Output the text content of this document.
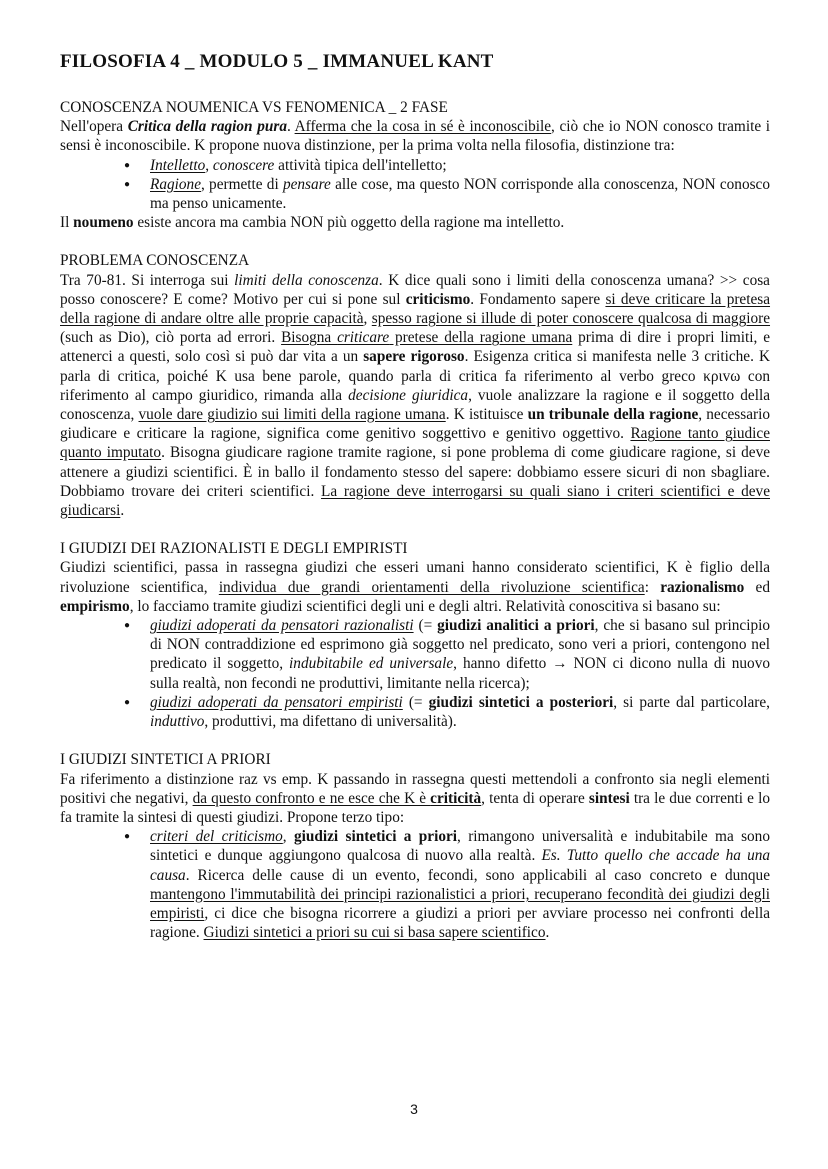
FILOSOFIA 4 _ MODULO 5 _ IMMANUEL KANT
CONOSCENZA NOUMENICA VS FENOMENICA _ 2 FASE

Nell'opera Critica della ragion pura. Afferma che la cosa in sé è inconoscibile, ciò che io NON conosco tramite i sensi è inconoscibile. K propone nuova distinzione, per la prima volta nella filosofia, distinzione tra:

● Intelletto, conoscere attività tipica dell'intelletto;
● Ragione, permette di pensare alle cose, ma questo NON corrisponde alla conoscenza, NON conosco ma penso unicamente.

Il noumeno esiste ancora ma cambia NON più oggetto della ragione ma intelletto.

PROBLEMA CONOSCENZA

Tra 70-81. Si interroga sui limiti della conoscenza. K dice quali sono i limiti della conoscenza umana? >> cosa posso conoscere? E come? Motivo per cui si pone sul criticismo. Fondamento sapere si deve criticare la pretesa della ragione di andare oltre alle proprie capacità, spesso ragione si illude di poter conoscere qualcosa di maggiore (such as Dio), ciò porta ad errori. Bisogna criticare pretese della ragione umana prima di dire i propri limiti, e attenerci a questi, solo così si può dar vita a un sapere rigoroso. Esigenza critica si manifesta nelle 3 critiche. K parla di critica, poiché K usa bene parole, quando parla di critica fa riferimento al verbo greco κριvω con riferimento al campo giuridico, rimanda alla decisione giuridica, vuole analizzare la ragione e il soggetto della conoscenza, vuole dare giudizio sui limiti della ragione umana. K istituisce un tribunale della ragione, necessario giudicare e criticare la ragione, significa come genitivo soggettivo e genitivo oggettivo. Ragione tanto giudice quanto imputato. Bisogna giudicare ragione tramite ragione, si pone problema di come giudicare ragione, si deve attenere a giudizi scientifici. È in ballo il fondamento stesso del sapere: dobbiamo essere sicuri di non sbagliare. Dobbiamo trovare dei criteri scientifici. La ragione deve interrogarsi su quali siano i criteri scientifici e deve giudicarsi.

I GIUDIZI DEI RAZIONALISTI E DEGLI EMPIRISTI

Giudizi scientifici, passa in rassegna giudizi che esseri umani hanno considerato scientifici, K è figlio della rivoluzione scientifica, individua due grandi orientamenti della rivoluzione scientifica: razionalismo ed empirismo, lo facciamo tramite giudizi scientifici degli uni e degli altri. Relatività conoscitiva si basano su:

● giudizi adoperati da pensatori razionalisti (= giudizi analitici a priori, che si basano sul principio di NON contraddizione ed esprimono già soggetto nel predicato, sono veri a priori, contengono nel predicato il soggetto, indubitabile ed universale, hanno difetto → NON ci dicono nulla di nuovo sulla realtà, non fecondi ne produttivi, limitante nella ricerca);
● giudizi adoperati da pensatori empiristi (= giudizi sintetici a posteriori, si parte dal particolare, induttivo, produttivi, ma difettano di universalità).
I GIUDIZI SINTETICI A PRIORI

Fa riferimento a distinzione raz vs emp. K passando in rassegna questi mettendoli a confronto sia negli elementi positivi che negativi, da questo confronto e ne esce che K è criticità, tenta di operare sintesi tra le due correnti e lo fa tramite la sintesi di questi giudizi. Propone terzo tipo:

● criteri del criticismo, giudizi sintetici a priori, rimangono universalità e indubitabile ma sono sintetici e dunque aggiungono qualcosa di nuovo alla realtà. Es. Tutto quello che accade ha una causa. Ricerca delle cause di un evento, fecondi, sono applicabili al caso concreto e dunque mantengono l'immutabilità dei principi razionalistici a priori, recuperano fecondità dei giudizi degli empiristi, ci dice che bisogna ricorrere a giudizi a priori per avviare processo nei confronti della ragione. Giudizi sintetici a priori su cui si basa sapere scientifico.
3
